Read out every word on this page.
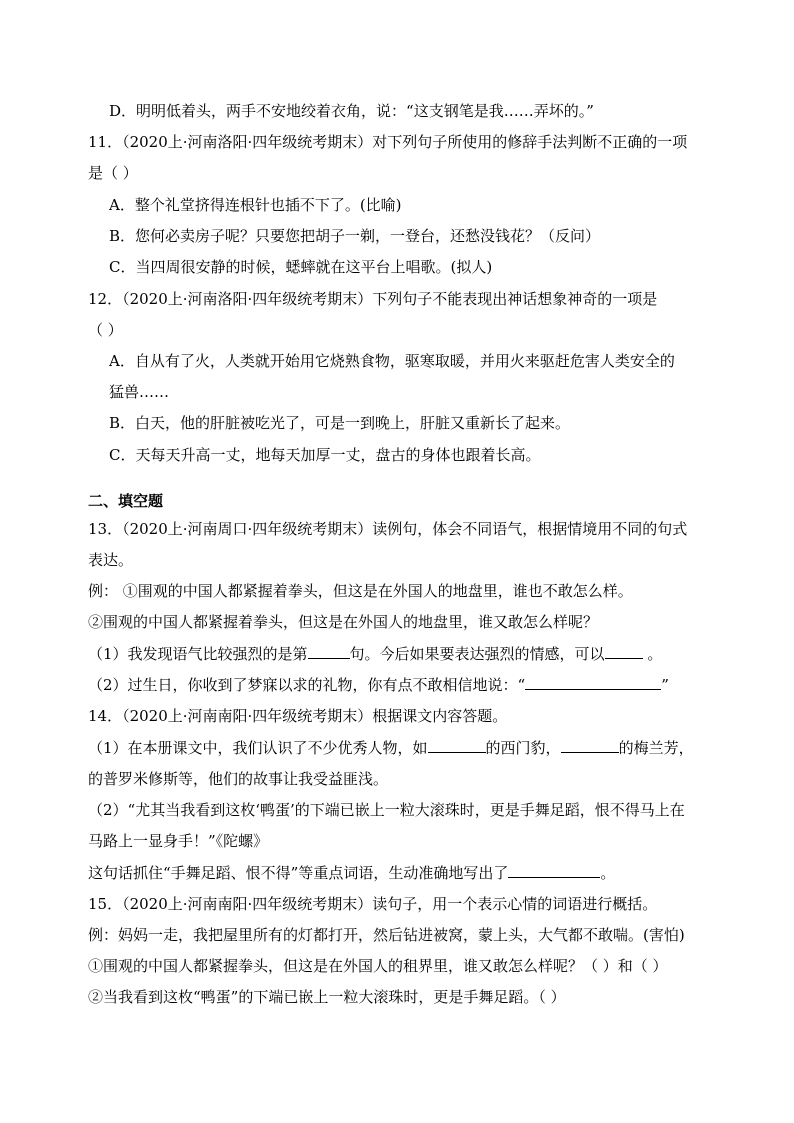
D．明明低着头，两手不安地绞着衣角，说：“这支钢笔是我……弄坏的。”
11．（2020上·河南洛阳·四年级统考期末）对下列句子所使用的修辞手法判断不正确的一项
是（ ）
A．整个礼堂挤得连根针也插不下了。(比喻)
B．您何必卖房子呢？只要您把胡子一剃，一登台，还愁没钱花？（反问）
C．当四周很安静的时候，蟋蟀就在这平台上唱歌。(拟人)
12．（2020上·河南洛阳·四年级统考期末）下列句子不能表现出神话想象神奇的一项是
（ ）
A．自从有了火，人类就开始用它烧熟食物，驱寒取暖，并用火来驱赶危害人类安全的
猛兽……
B．白天，他的肝脏被吃光了，可是一到晚上，肝脏又重新长了起来。
C．天每天升高一丈，地每天加厚一丈，盘古的身体也跟着长高。
二、填空题
13．（2020上·河南周口·四年级统考期末）读例句，体会不同语气，根据情境用不同的句式
表达。
例： ①围观的中国人都紧握着拳头，但这是在外国人的地盘里，谁也不敢怎么样。
②围观的中国人都紧握着拳头，但这是在外国人的地盘里，谁又敢怎么样呢？
（1）我发现语气比较强烈的是第	句。今后如果要表达强烈的情感，可以	。
（2）过生日，你收到了梦寐以求的礼物，你有点不敢相信地说：“	”
14．（2020上·河南南阳·四年级统考期末）根据课文内容答题。
（1）在本册课文中，我们认识了不少优秀人物，如	的西门豹，	的梅兰芳，
的普罗米修斯等，他们的故事让我受益匪浅。
（2）“尤其当我看到这枚‘鸭蛋’的下端已嵌上一粒大滚珠时，更是手舞足蹈，恨不得马上在
马路上一显身手！”《陀螺》
这句话抓住“手舞足蹈、恨不得”等重点词语，生动准确地写出了	。
15．（2020上·河南南阳·四年级统考期末）读句子，用一个表示心情的词语进行概括。
例：妈妈一走，我把屋里所有的灯都打开，然后钻进被窝，蒙上头，大气都不敢喘。(害怕)
①围观的中国人都紧握拳头，但这是在外国人的租界里，谁又敢怎么样呢？（ ）和（ ）
②当我看到这枚“鸭蛋”的下端已嵌上一粒大滚珠时，更是手舞足蹈。（ ）
